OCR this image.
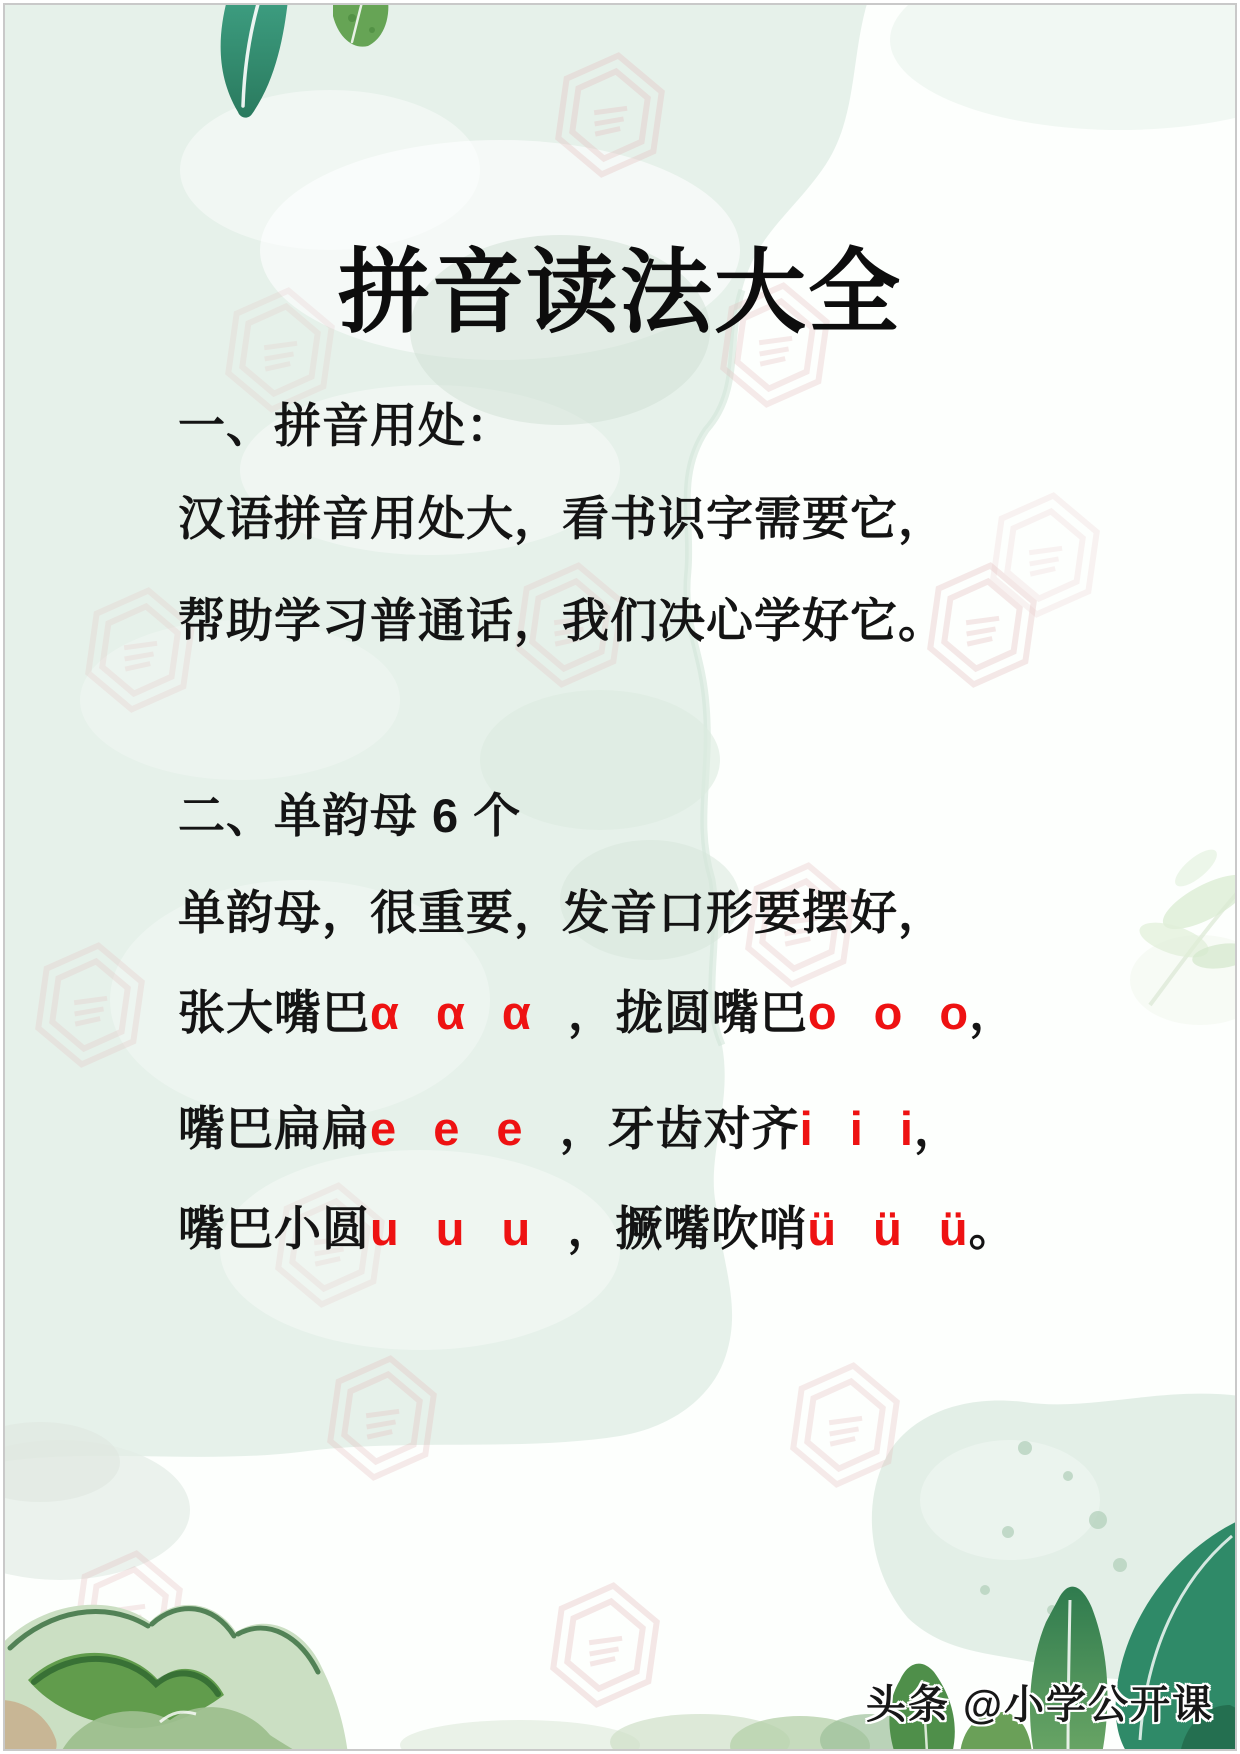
拼音读法大全
一、拼音用处：
汉语拼音用处大，看书识字需要它，
帮助学习普通话，我们决心学好它。
二、单韵母 6 个
单韵母，很重要，发音口形要摆好，
张大嘴巴α α α ，拢圆嘴巴o o o，
嘴巴扁扁e e e ，牙齿对齐i i i，
嘴巴小圆u u u ，撅嘴吹哨ü ü ü。
头条 @小学公开课
